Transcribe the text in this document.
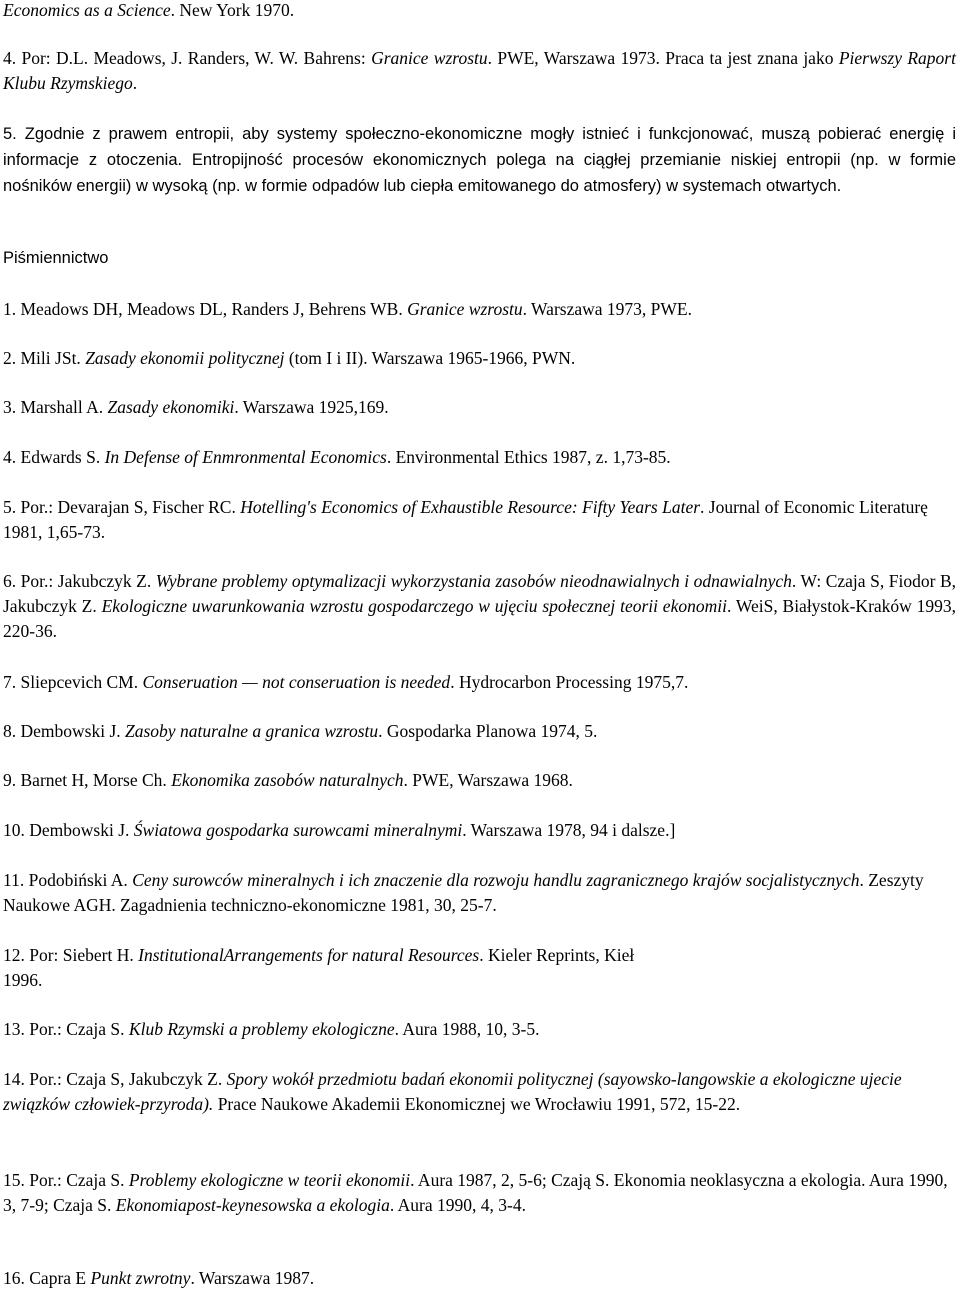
Economics as a Science. New York 1970.

4. Por: D.L. Meadows, J. Randers, W. W. Bahrens: Granice wzrostu. PWE, Warszawa 1973. Praca ta jest znana jako Pierwszy Raport Klubu Rzymskiego.

5. Zgodnie z prawem entropii, aby systemy społeczno-ekonomiczne mogły istnieć i funkcjonować, muszą pobierać energię i informacje z otoczenia. Entropijność procesów ekonomicznych polega na ciągłej przemianie niskiej entropii (np. w formie nośników energii) w wysoką (np. w formie odpadów lub ciepła emitowanego do atmosfery) w systemach otwartych.

Piśmiennictwo

1. Meadows DH, Meadows DL, Randers J, Behrens WB. Granice wzrostu. Warszawa 1973, PWE.

2. Mili JSt. Zasady ekonomii politycznej (tom I i II). Warszawa 1965-1966, PWN.

3. Marshall A. Zasady ekonomiki. Warszawa 1925,169.

4. Edwards S. In Defense of Enmronmental Economics. Environmental Ethics 1987, z. 1,73-85.

5. Por.: Devarajan S, Fischer RC. Hotelling's Economics of Exhaustible Resource: Fifty Years Later. Journal of Economic Literaturę 1981, 1,65-73.

6. Por.: Jakubczyk Z. Wybrane problemy optymalizacji wykorzystania zasobów nieodnawialnych i odnawialnych. W: Czaja S, Fiodor B, Jakubczyk Z. Ekologiczne uwarunkowania wzrostu gospodarczego w ujęciu społecznej teorii ekonomii. WeiS, Białystok-Kraków 1993, 220-36.

7. Sliepcevich CM. Conseruation — not conseruation is needed. Hydrocarbon Processing 1975,7.

8. Dembowski J. Zasoby naturalne a granica wzrostu. Gospodarka Planowa 1974, 5.

9. Barnet H, Morse Ch. Ekonomika zasobów naturalnych. PWE, Warszawa 1968.

10. Dembowski J. Światowa gospodarka surowcami mineralnymi. Warszawa 1978, 94 i dalsze.]

11. Podobiński A. Ceny surowców mineralnych i ich znaczenie dla rozwoju handlu zagranicznego krajów socjalistycznych. Zeszyty Naukowe AGH. Zagadnienia techniczno-ekonomiczne 1981, 30, 25-7.

12. Por: Siebert H. InstitutionalArrangements for natural Resources. Kieler Reprints, Kieł
1996.

13. Por.: Czaja S. Klub Rzymski a problemy ekologiczne. Aura 1988, 10, 3-5.

14. Por.: Czaja S, Jakubczyk Z. Spory wokół przedmiotu badań ekonomii politycznej (sayowsko-langowskie a ekologiczne ujecie związków człowiek-przyroda). Prace Naukowe Akademii Ekonomicznej we Wrocławiu 1991, 572, 15-22.

15. Por.: Czaja S. Problemy ekologiczne w teorii ekonomii. Aura 1987, 2, 5-6; Czają S. Ekonomia neoklasyczna a ekologia. Aura 1990, 3, 7-9; Czaja S. Ekonomiapost-keynesowska a ekologia. Aura 1990, 4, 3-4.

16. Capra E Punkt zwrotny. Warszawa 1987.
